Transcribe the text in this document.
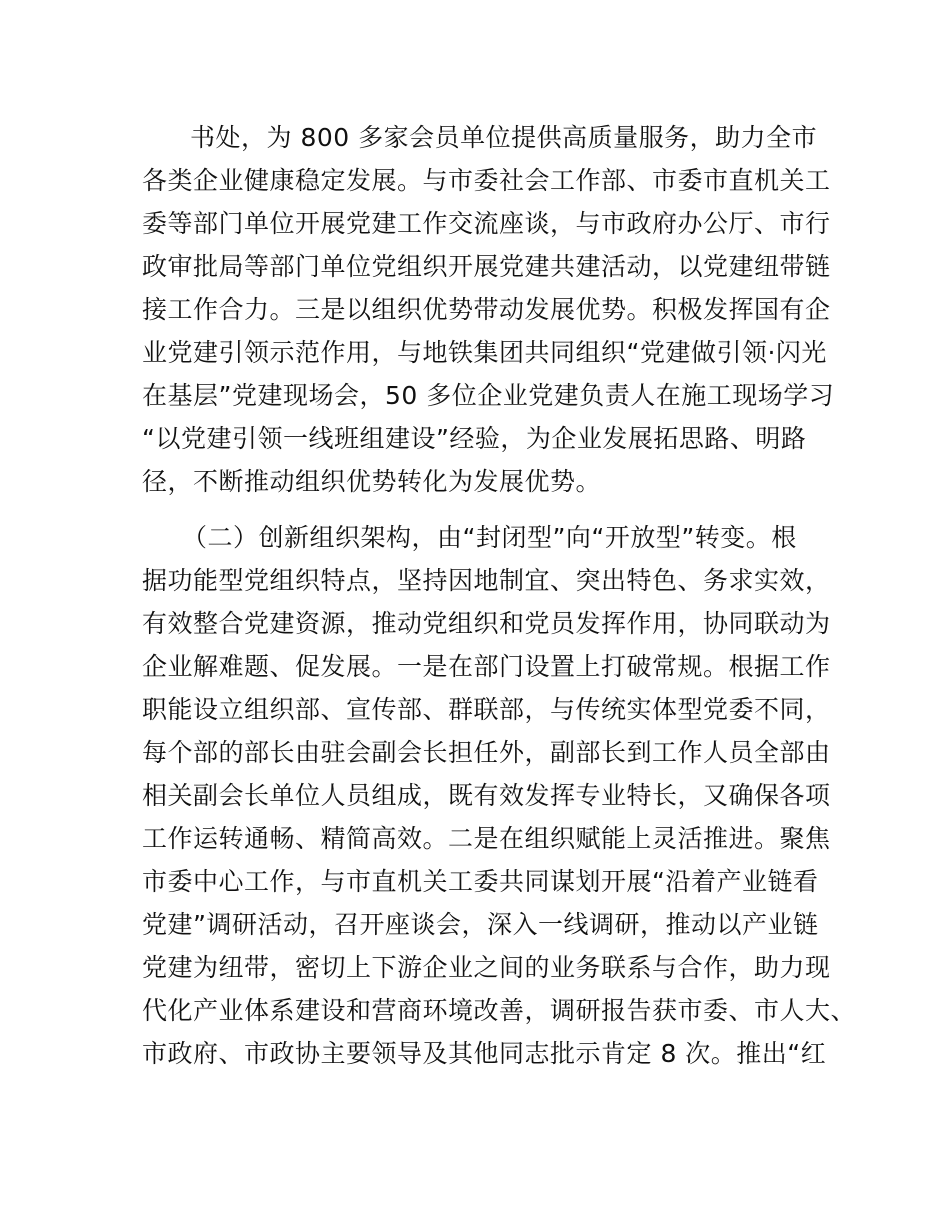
书处，为 800 多家会员单位提供高质量服务，助力全市
各类企业健康稳定发展。与市委社会工作部、市委市直机关工
委等部门单位开展党建工作交流座谈，与市政府办公厅、市行
政审批局等部门单位党组织开展党建共建活动，以党建纽带链
接工作合力。三是以组织优势带动发展优势。积极发挥国有企
业党建引领示范作用，与地铁集团共同组织“党建做引领·闪光
在基层”党建现场会，50 多位企业党建负责人在施工现场学习
“以党建引领一线班组建设”经验，为企业发展拓思路、明路
径，不断推动组织优势转化为发展优势。
（二）创新组织架构，由“封闭型”向“开放型”转变。根
据功能型党组织特点，坚持因地制宜、突出特色、务求实效，
有效整合党建资源，推动党组织和党员发挥作用，协同联动为
企业解难题、促发展。一是在部门设置上打破常规。根据工作
职能设立组织部、宣传部、群联部，与传统实体型党委不同，
每个部的部长由驻会副会长担任外，副部长到工作人员全部由
相关副会长单位人员组成，既有效发挥专业特长，又确保各项
工作运转通畅、精简高效。二是在组织赋能上灵活推进。聚焦
市委中心工作，与市直机关工委共同谋划开展“沿着产业链看
党建”调研活动，召开座谈会，深入一线调研，推动以产业链
党建为纽带，密切上下游企业之间的业务联系与合作，助力现
代化产业体系建设和营商环境改善，调研报告获市委、市人大、
市政府、市政协主要领导及其他同志批示肯定 8 次。推出“红
